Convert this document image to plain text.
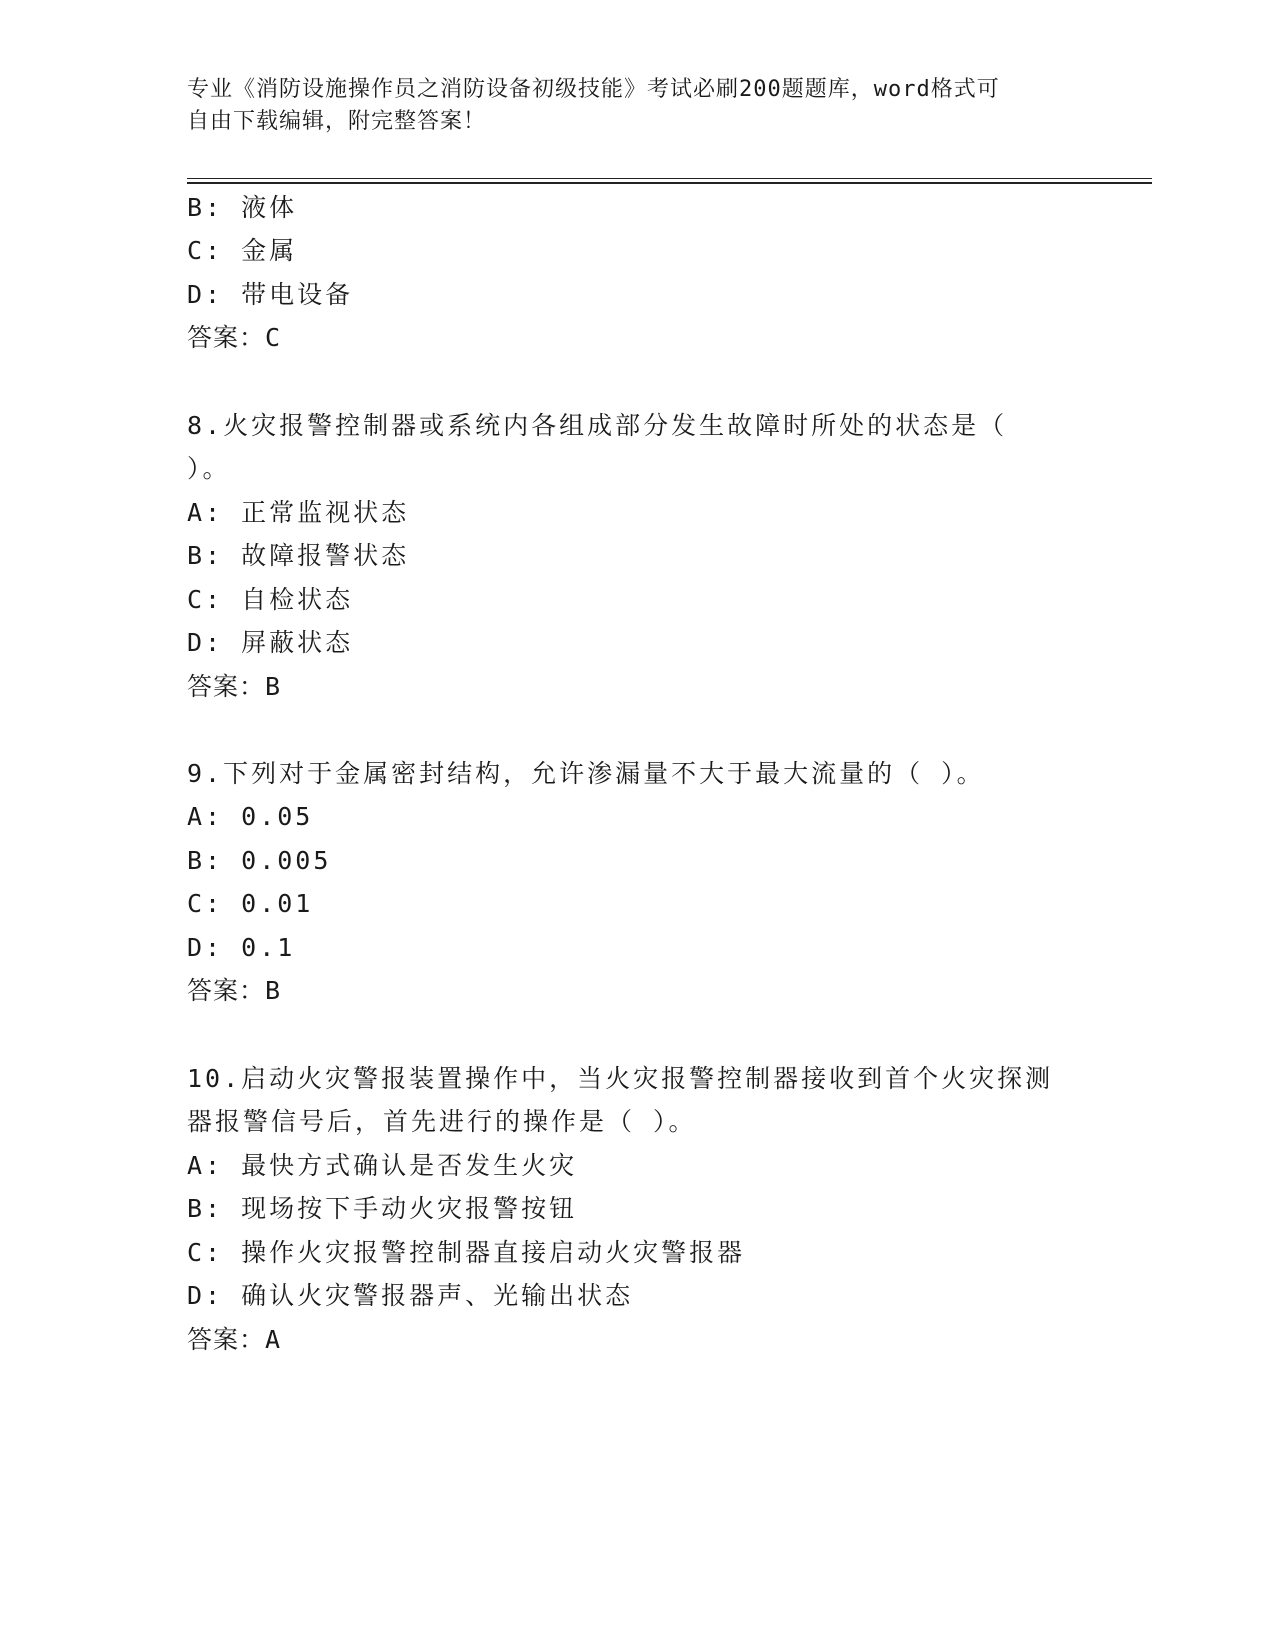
专业《消防设施操作员之消防设备初级技能》考试必刷200题题库，word格式可
自由下载编辑，附完整答案！
B: 液体
C: 金属
D: 带电设备
答案：C
8.火灾报警控制器或系统内各组成部分发生故障时所处的状态是（
）。
A: 正常监视状态
B: 故障报警状态
C: 自检状态
D: 屏蔽状态
答案：B
9.下列对于金属密封结构，允许渗漏量不大于最大流量的（ ）。
A: 0.05
B: 0.005
C: 0.01
D: 0.1
答案：B
10.启动火灾警报装置操作中，当火灾报警控制器接收到首个火灾探测
器报警信号后，首先进行的操作是（ ）。
A: 最快方式确认是否发生火灾
B: 现场按下手动火灾报警按钮
C: 操作火灾报警控制器直接启动火灾警报器
D: 确认火灾警报器声、光输出状态
答案：A
